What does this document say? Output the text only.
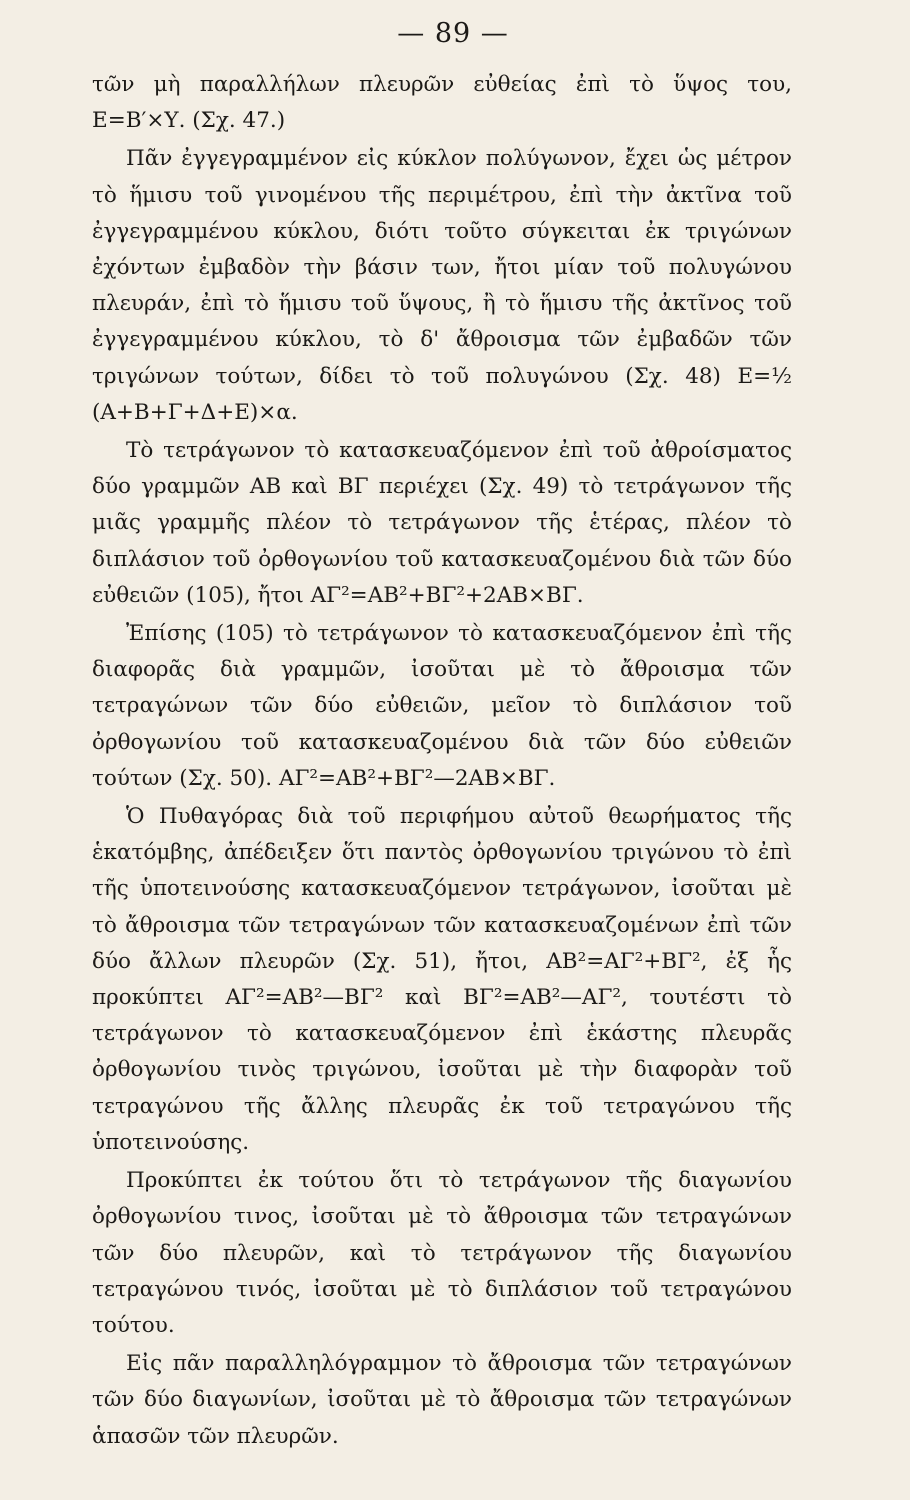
— 89 —

τῶν μὴ παραλλήλων πλευρῶν εὐθείας ἐπὶ τὸ ὕψος του, Ε=Β′×Υ. (Σχ. 47.)

Πᾶν ἐγγεγραμμένον εἰς κύκλον πολύγωνον, ἔχει ὡς μέτρον τὸ ἥμισυ τοῦ γινομένου τῆς περιμέτρου, ἐπὶ τὴν ἀκτῖνα τοῦ ἐγγεγραμμένου κύκλου, διότι τοῦτο σύγκειται ἐκ τριγώνων ἐχόντων ἐμβαδὸν τὴν βάσιν των, ἤτοι μίαν τοῦ πολυγώνου πλευράν, ἐπὶ τὸ ἥμισυ τοῦ ὕψους, ἢ τὸ ἥμισυ τῆς ἀκτῖνος τοῦ ἐγγεγραμμένου κύκλου, τὸ δ' ἄθροισμα τῶν ἐμβαδῶν τῶν τριγώνων τούτων, δίδει τὸ τοῦ πολυγώνου (Σχ. 48) Ε=½ (Α+Β+Γ+Δ+Ε)×α.

Τὸ τετράγωνον τὸ κατασκευαζόμενον ἐπὶ τοῦ ἀθροίσματος δύο γραμμῶν ΑΒ καὶ ΒΓ περιέχει (Σχ. 49) τὸ τετράγωνον τῆς μιᾶς γραμμῆς πλέον τὸ τετράγωνον τῆς ἑτέρας, πλέον τὸ διπλάσιον τοῦ ὀρθογωνίου τοῦ κατασκευαζομένου διὰ τῶν δύο εὐθειῶν (105), ἤτοι ΑΓ²=ΑΒ²+ΒΓ²+2ΑΒ×ΒΓ.

Ἐπίσης (105) τὸ τετράγωνον τὸ κατασκευαζόμενον ἐπὶ τῆς διαφορᾶς διὰ γραμμῶν, ἰσοῦται μὲ τὸ ἄθροισμα τῶν τετραγώνων τῶν δύο εὐθειῶν, μεῖον τὸ διπλάσιον τοῦ ὀρθογωνίου τοῦ κατασκευαζομένου διὰ τῶν δύο εὐθειῶν τούτων (Σχ. 50). ΑΓ²=ΑΒ²+ΒΓ²—2ΑΒ×ΒΓ.

Ὁ Πυθαγόρας διὰ τοῦ περιφήμου αὐτοῦ θεωρήματος τῆς ἑκατόμβης, ἀπέδειξεν ὅτι παντὸς ὀρθογωνίου τριγώνου τὸ ἐπὶ τῆς ὑποτεινούσης κατασκευαζόμενον τετράγωνον, ἰσοῦται μὲ τὸ ἄθροισμα τῶν τετραγώνων τῶν κατασκευαζομένων ἐπὶ τῶν δύο ἄλλων πλευρῶν (Σχ. 51), ἤτοι, ΑΒ²=ΑΓ²+ΒΓ², ἐξ ἧς προκύπτει ΑΓ²=ΑΒ²—ΒΓ² καὶ ΒΓ²=ΑΒ²—ΑΓ², τουτέστι τὸ τετράγωνον τὸ κατασκευαζόμενον ἐπὶ ἑκάστης πλευρᾶς ὀρθογωνίου τινὸς τριγώνου, ἰσοῦται μὲ τὴν διαφορὰν τοῦ τετραγώνου τῆς ἄλλης πλευρᾶς ἐκ τοῦ τετραγώνου τῆς ὑποτεινούσης.

Προκύπτει ἐκ τούτου ὅτι τὸ τετράγωνον τῆς διαγωνίου ὀρθογωνίου τινος, ἰσοῦται μὲ τὸ ἄθροισμα τῶν τετραγώνων τῶν δύο πλευρῶν, καὶ τὸ τετράγωνον τῆς διαγωνίου τετραγώνου τινός, ἰσοῦται μὲ τὸ διπλάσιον τοῦ τετραγώνου τούτου.

Εἰς πᾶν παραλληλόγραμμον τὸ ἄθροισμα τῶν τετραγώνων τῶν δύο διαγωνίων, ἰσοῦται μὲ τὸ ἄθροισμα τῶν τετραγώνων ἁπασῶν τῶν πλευρῶν.
